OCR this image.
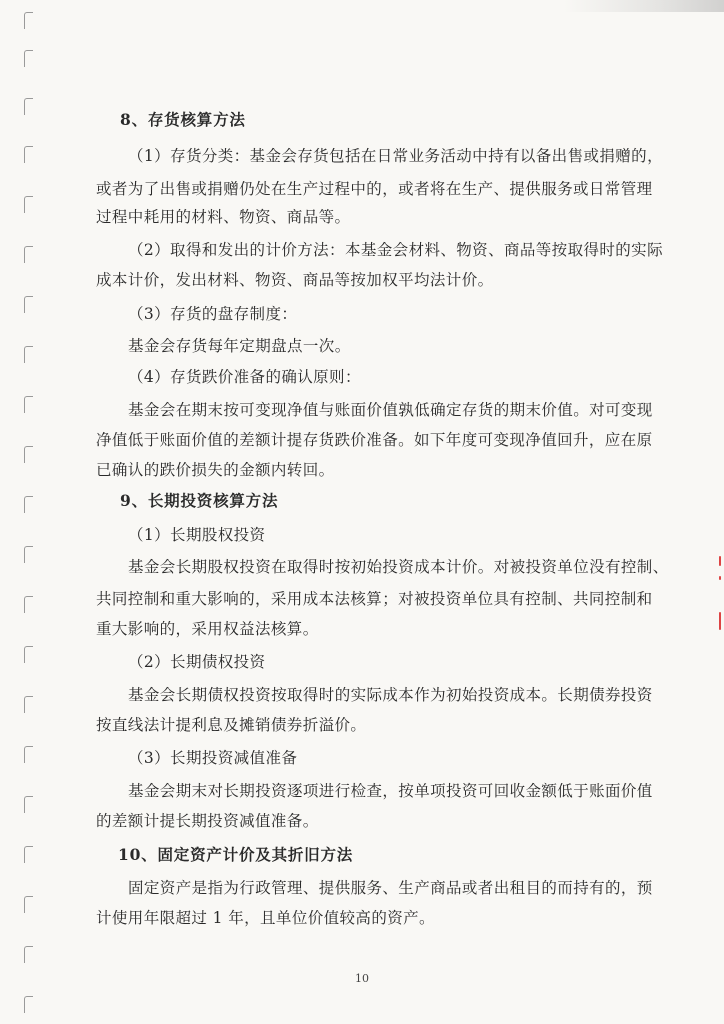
8、存货核算方法
（1）存货分类：基金会存货包括在日常业务活动中持有以备出售或捐赠的，
或者为了出售或捐赠仍处在生产过程中的，或者将在生产、提供服务或日常管理
过程中耗用的材料、物资、商品等。
（2）取得和发出的计价方法：本基金会材料、物资、商品等按取得时的实际
成本计价，发出材料、物资、商品等按加权平均法计价。
（3）存货的盘存制度：
基金会存货每年定期盘点一次。
（4）存货跌价准备的确认原则：
基金会在期末按可变现净值与账面价值孰低确定存货的期末价值。对可变现
净值低于账面价值的差额计提存货跌价准备。如下年度可变现净值回升，应在原
已确认的跌价损失的金额内转回。
9、长期投资核算方法
（1）长期股权投资
基金会长期股权投资在取得时按初始投资成本计价。对被投资单位没有控制、
共同控制和重大影响的，采用成本法核算；对被投资单位具有控制、共同控制和
重大影响的，采用权益法核算。
（2）长期债权投资
基金会长期债权投资按取得时的实际成本作为初始投资成本。长期债券投资
按直线法计提利息及摊销债券折溢价。
（3）长期投资减值准备
基金会期末对长期投资逐项进行检查，按单项投资可回收金额低于账面价值
的差额计提长期投资减值准备。
10、固定资产计价及其折旧方法
固定资产是指为行政管理、提供服务、生产商品或者出租目的而持有的，预
计使用年限超过 1 年，且单位价值较高的资产。
10
